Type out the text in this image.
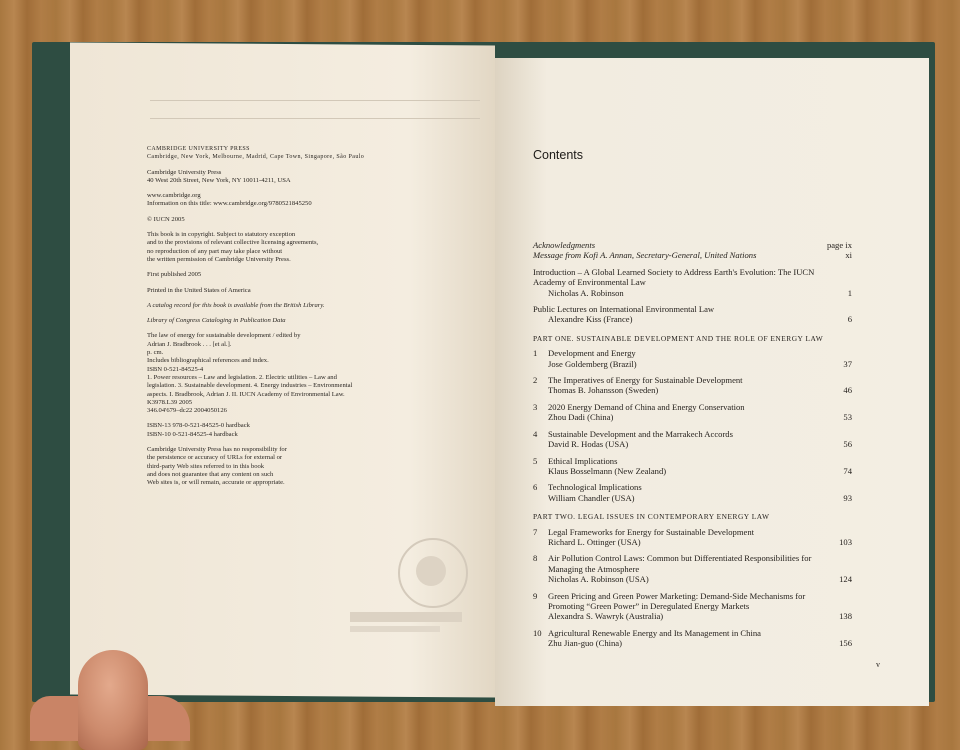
CAMBRIDGE UNIVERSITY PRESS
Cambridge, New York, Melbourne, Madrid, Cape Town, Singapore, São Paulo

Cambridge University Press
40 West 20th Street, New York, NY 10011-4211, USA

www.cambridge.org
Information on this title: www.cambridge.org/9780521845250

© IUCN 2005

This book is in copyright. Subject to statutory exception
and to the provisions of relevant collective licensing agreements,
no reproduction of any part may take place without
the written permission of Cambridge University Press.

First published 2005

Printed in the United States of America

A catalog record for this book is available from the British Library.

Library of Congress Cataloging in Publication Data

The law of energy for sustainable development / edited by
Adrian J. Bradbrook . . . [et al.].
p. cm.
Includes bibliographical references and index.
ISBN 0-521-84525-4
1. Power resources – Law and legislation. 2. Electric utilities – Law and
legislation. 3. Sustainable development. 4. Energy industries – Environmental
aspects. I. Bradbrook, Adrian J. II. IUCN Academy of Environmental Law.
K3978.L39 2005
346.04'679–dc22 2004050126

ISBN-13 978-0-521-84525-0 hardback
ISBN-10 0-521-84525-4 hardback

Cambridge University Press has no responsibility for
the persistence or accuracy of URLs for external or
third-party Web sites referred to in this book
and does not guarantee that any content on such
Web sites is, or will remain, accurate or appropriate.

Contents
Acknowledgments	page ix
Message from Kofi A. Annan, Secretary-General, United Nations	xi
Introduction – A Global Learned Society to Address Earth's Evolution: The IUCN Academy of Environmental Law
Nicholas A. Robinson	1
Public Lectures on International Environmental Law
Alexandre Kiss (France)	6
PART ONE. SUSTAINABLE DEVELOPMENT AND THE ROLE OF ENERGY LAW
1 Development and Energy
Jose Goldemberg (Brazil)	37
2 The Imperatives of Energy for Sustainable Development
Thomas B. Johansson (Sweden)	46
3 2020 Energy Demand of China and Energy Conservation
Zhou Dadi (China)	53
4 Sustainable Development and the Marrakech Accords
David R. Hodas (USA)	56
5 Ethical Implications
Klaus Bosselmann (New Zealand)	74
6 Technological Implications
William Chandler (USA)	93
PART TWO. LEGAL ISSUES IN CONTEMPORARY ENERGY LAW
7 Legal Frameworks for Energy for Sustainable Development
Richard L. Ottinger (USA)	103
8 Air Pollution Control Laws: Common but Differentiated Responsibilities for Managing the Atmosphere
Nicholas A. Robinson (USA)	124
9 Green Pricing and Green Power Marketing: Demand-Side Mechanisms for Promoting “Green Power” in Deregulated Energy Markets
Alexandra S. Wawryk (Australia)	138
10 Agricultural Renewable Energy and Its Management in China
Zhu Jian-guo (China)	156
v
